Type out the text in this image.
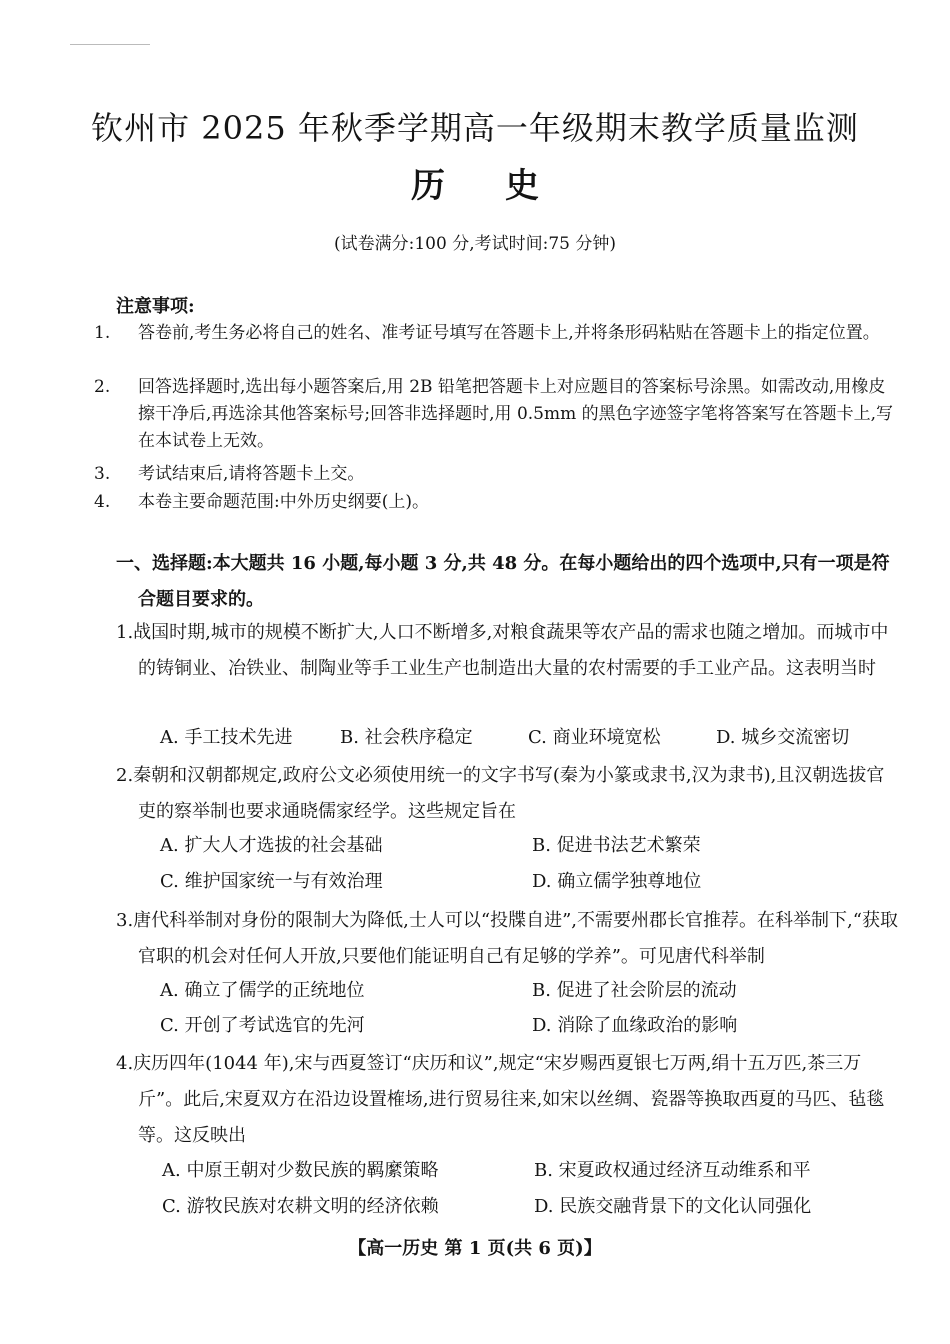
钦州市 2025 年秋季学期高一年级期末教学质量监测
历史
(试卷满分:100 分,考试时间:75 分钟)
注意事项:
1. 答卷前,考生务必将自己的姓名、准考证号填写在答题卡上,并将条形码粘贴在答题卡上的指定位置。
2. 回答选择题时,选出每小题答案后,用 2B 铅笔把答题卡上对应题目的答案标号涂黑。如需改动,用橡皮擦干净后,再选涂其他答案标号;回答非选择题时,用 0.5mm 的黑色字迹签字笔将答案写在答题卡上,写在本试卷上无效。
3. 考试结束后,请将答题卡上交。
4. 本卷主要命题范围:中外历史纲要(上)。
一、选择题:本大题共 16 小题,每小题 3 分,共 48 分。在每小题给出的四个选项中,只有一项是符合题目要求的。
1.战国时期,城市的规模不断扩大,人口不断增多,对粮食蔬果等农产品的需求也随之增加。而城市中的铸铜业、冶铁业、制陶业等手工业生产也制造出大量的农村需要的手工业产品。这表明当时
A. 手工技术先进	B. 社会秩序稳定	C. 商业环境宽松	D. 城乡交流密切
2.秦朝和汉朝都规定,政府公文必须使用统一的文字书写(秦为小篆或隶书,汉为隶书),且汉朝选拔官吏的察举制也要求通晓儒家经学。这些规定旨在
A. 扩大人才选拔的社会基础	B. 促进书法艺术繁荣
C. 维护国家统一与有效治理	D. 确立儒学独尊地位
3.唐代科举制对身份的限制大为降低,士人可以“投牒自进”,不需要州郡长官推荐。在科举制下,“获取官职的机会对任何人开放,只要他们能证明自己有足够的学养”。可见唐代科举制
A. 确立了儒学的正统地位	B. 促进了社会阶层的流动
C. 开创了考试选官的先河	D. 消除了血缘政治的影响
4.庆历四年(1044 年),宋与西夏签订“庆历和议”,规定“宋岁赐西夏银七万两,绢十五万匹,茶三万斤”。此后,宋夏双方在沿边设置榷场,进行贸易往来,如宋以丝绸、瓷器等换取西夏的马匹、毡毯等。这反映出
A. 中原王朝对少数民族的羁縻策略	B. 宋夏政权通过经济互动维系和平
C. 游牧民族对农耕文明的经济依赖	D. 民族交融背景下的文化认同强化
【高一历史 第 1 页(共 6 页)】
